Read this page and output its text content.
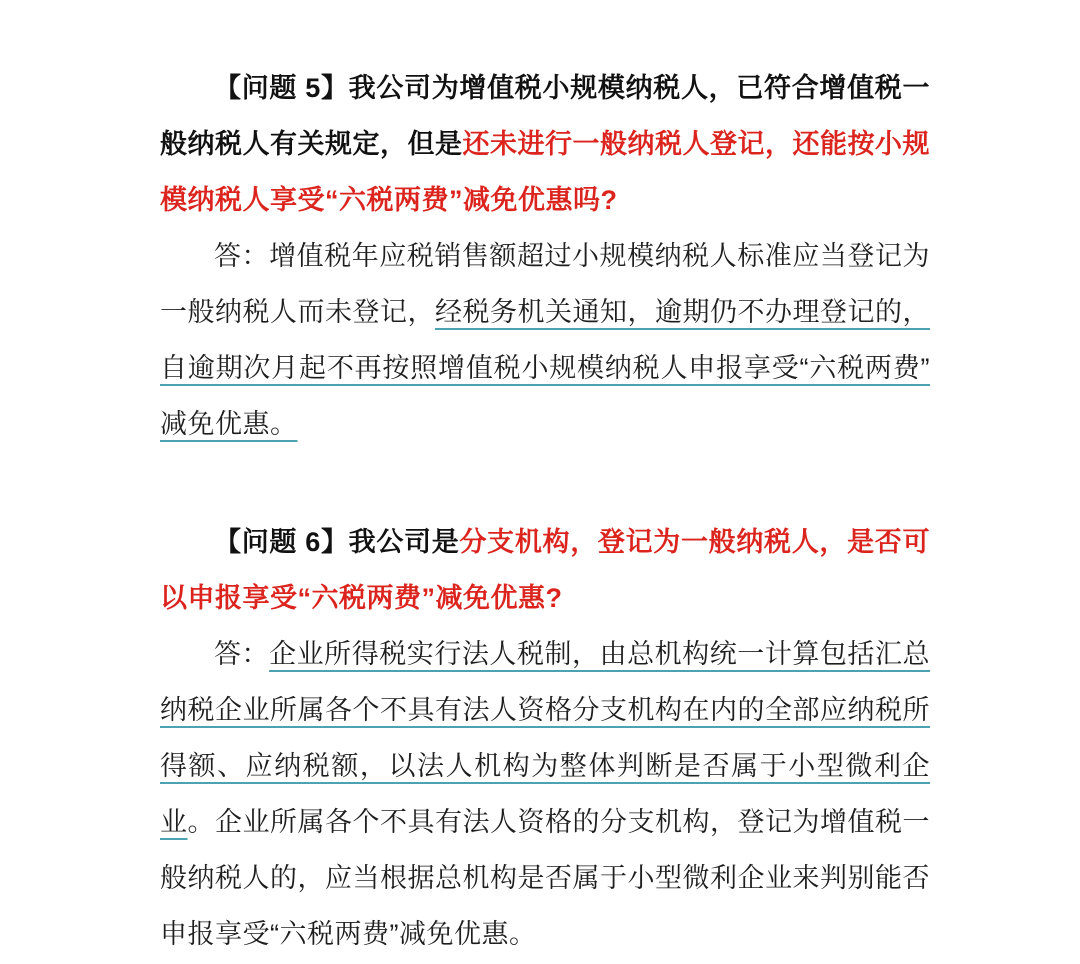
【问题 5】我公司为增值税小规模纳税人，已符合增值税一般纳税人有关规定，但是还未进行一般纳税人登记，还能按小规模纳税人享受“六税两费”减免优惠吗?

答：增值税年应税销售额超过小规模纳税人标准应当登记为一般纳税人而未登记，经税务机关通知，逾期仍不办理登记的，自逾期次月起不再按照增值税小规模纳税人申报享受“六税两费”减免优惠。

【问题 6】我公司是分支机构，登记为一般纳税人，是否可以申报享受“六税两费”减免优惠?

答：企业所得税实行法人税制，由总机构统一计算包括汇总纳税企业所属各个不具有法人资格分支机构在内的全部应纳税所得额、应纳税额，以法人机构为整体判断是否属于小型微利企业。企业所属各个不具有法人资格的分支机构，登记为增值税一般纳税人的，应当根据总机构是否属于小型微利企业来判别能否申报享受“六税两费”减免优惠。
